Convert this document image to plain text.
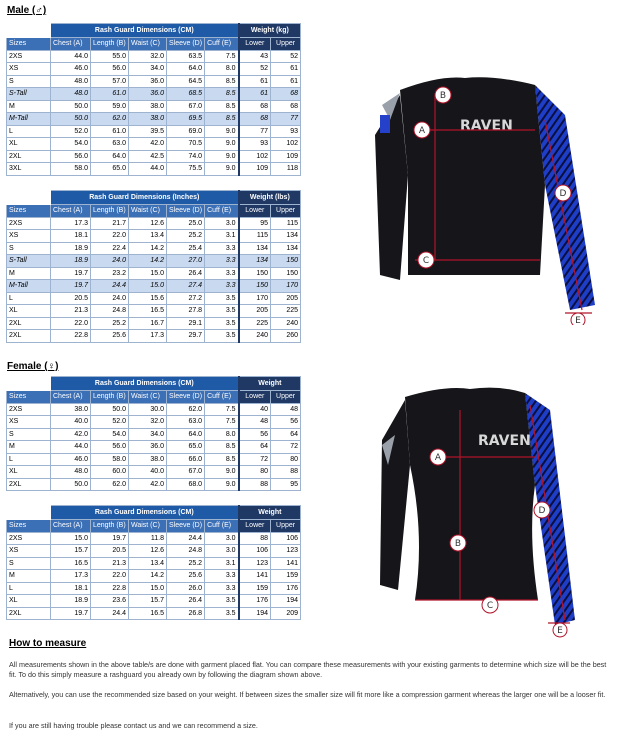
Male (♂)
	Rash Guard Dimensions (CM)					Weight (kg)	
Sizes	Chest (A)	Length (B)	Waist (C)	Sleeve (D)	Cuff (E)	Lower	Upper
2XS	44.0	55.0	32.0	63.5	7.5	43	52
XS	46.0	56.0	34.0	64.0	8.0	52	61
S	48.0	57.0	36.0	64.5	8.5	61	61
S-Tall	48.0	61.0	36.0	68.5	8.5	61	68
M	50.0	59.0	38.0	67.0	8.5	68	68
M-Tall	50.0	62.0	38.0	69.5	8.5	68	77
L	52.0	61.0	39.5	69.0	9.0	77	93
XL	54.0	63.0	42.0	70.5	9.0	93	102
2XL	56.0	64.0	42.5	74.0	9.0	102	109
3XL	58.0	65.0	44.0	75.5	9.0	109	118
	Rash Guard Dimensions (Inches)					Weight (lbs)	
Sizes	Chest (A)	Length (B)	Waist (C)	Sleeve (D)	Cuff (E)	Lower	Upper
2XS	17.3	21.7	12.6	25.0	3.0	95	115
XS	18.1	22.0	13.4	25.2	3.1	115	134
S	18.9	22.4	14.2	25.4	3.3	134	134
S-Tall	18.9	24.0	14.2	27.0	3.3	134	150
M	19.7	23.2	15.0	26.4	3.3	150	150
M-Tall	19.7	24.4	15.0	27.4	3.3	150	170
L	20.5	24.0	15.6	27.2	3.5	170	205
XL	21.3	24.8	16.5	27.8	3.5	205	225
2XL	22.0	25.2	16.7	29.1	3.5	225	240
2XL	22.8	25.6	17.3	29.7	3.5	240	260
Female (♀)
	Rash Guard Dimensions (CM)					Weight	
Sizes	Chest (A)	Length (B)	Waist (C)	Sleeve (D)	Cuff (E)	Lower	Upper
2XS	38.0	50.0	30.0	62.0	7.5	40	48
XS	40.0	52.0	32.0	63.0	7.5	48	56
S	42.0	54.0	34.0	64.0	8.0	56	64
M	44.0	56.0	36.0	65.0	8.5	64	72
L	46.0	58.0	38.0	66.0	8.5	72	80
XL	48.0	60.0	40.0	67.0	9.0	80	88
2XL	50.0	62.0	42.0	68.0	9.0	88	95
	Rash Guard Dimensions (CM)					Weight	
Sizes	Chest (A)	Length (B)	Waist (C)	Sleeve (D)	Cuff (E)	Lower	Upper
2XS	15.0	19.7	11.8	24.4	3.0	88	106
XS	15.7	20.5	12.6	24.8	3.0	106	123
S	16.5	21.3	13.4	25.2	3.1	123	141
M	17.3	22.0	14.2	25.6	3.3	141	159
L	18.1	22.8	15.0	26.0	3.3	159	176
XL	18.9	23.6	15.7	26.4	3.5	176	194
2XL	19.7	24.4	16.5	26.8	3.5	194	209
RAVEN
A
B
C
D
E
RAVEN
A
B
C
D
E
How to measure
All measurements shown in the above table/s are done with garment placed flat. You can compare these measurements with your existing garments to determine which size will be the best fit. To do this simply measure a rashguard you already own by following the diagram shown above.
Alternatively, you can use the recommended size based on your weight. If between sizes the smaller size will fit more like a compression garment whereas the larger one will be a looser fit.
If you are still having trouble please contact us and we can recommend a size.
